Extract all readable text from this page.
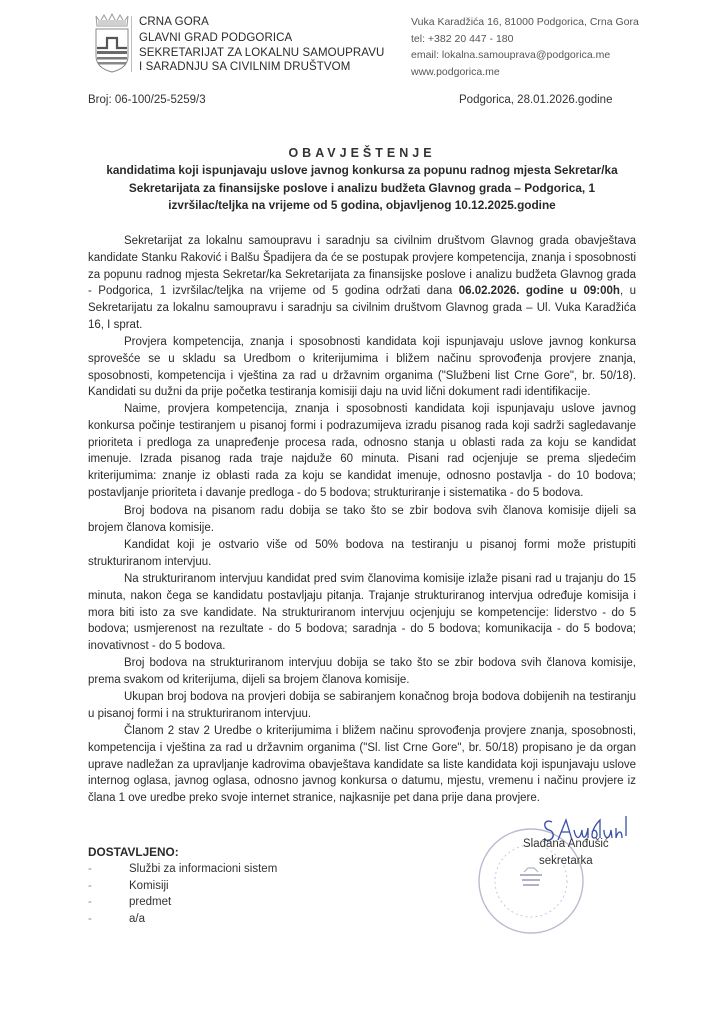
CRNA GORA
GLAVNI GRAD PODGORICA
SEKRETARIJAT ZA LOKALNU SAMOUPRAVU
I SARADNJU SA CIVILNIM DRUŠTVOM
Vuka Karadžića 16, 81000 Podgorica, Crna Gora
tel: +382 20 447 - 180
email: lokalna.samouprava@podgorica.me
www.podgorica.me
Broj: 06-100/25-5259/3	Podgorica, 28.01.2026.godine
OBAVJEŠTENJE
kandidatima koji ispunjavaju uslove javnog konkursa za popunu radnog mjesta Sekretar/ka Sekretarijata za finansijske poslove i analizu budžeta Glavnog grada – Podgorica, 1 izvršilac/teljka na vrijeme od 5 godina, objavljenog 10.12.2025.godine

Sekretarijat za lokalnu samoupravu i saradnju sa civilnim društvom Glavnog grada obavještava kandidate Stanku Raković i Balšu Špadijera da će se postupak provjere kompetencija, znanja i sposobnosti za popunu radnog mjesta Sekretar/ka Sekretarijata za finansijske poslove i analizu budžeta Glavnog grada - Podgorica, 1 izvršilac/teljka na vrijeme od 5 godina održati dana 06.02.2026. godine u 09:00h, u Sekretarijatu za lokalnu samoupravu i saradnju sa civilnim društvom Glavnog grada – Ul. Vuka Karadžića 16, I sprat.

Provjera kompetencija, znanja i sposobnosti kandidata koji ispunjavaju uslove javnog konkursa sprovešće se u skladu sa Uredbom o kriterijumima i bližem načinu sprovođenja provjere znanja, sposobnosti, kompetencija i vještina za rad u državnim organima ("Službeni list Crne Gore", br. 50/18). Kandidati su dužni da prije početka testiranja komisiji daju na uvid lični dokument radi identifikacije.

Naime, provjera kompetencija, znanja i sposobnosti kandidata koji ispunjavaju uslove javnog konkursa počinje testiranjem u pisanoj formi i podrazumijeva izradu pisanog rada koji sadrži sagledavanje prioriteta i predloga za unapređenje procesa rada, odnosno stanja u oblasti rada za koju se kandidat imenuje. Izrada pisanog rada traje najduže 60 minuta. Pisani rad ocjenjuje se prema sljedećim kriterijumima: znanje iz oblasti rada za koju se kandidat imenuje, odnosno postavlja - do 10 bodova; postavljanje prioriteta i davanje predloga - do 5 bodova; strukturiranje i sistematika - do 5 bodova.

Broj bodova na pisanom radu dobija se tako što se zbir bodova svih članova komisije dijeli sa brojem članova komisije.

Kandidat koji je ostvario više od 50% bodova na testiranju u pisanoj formi može pristupiti strukturiranom intervjuu.

Na strukturiranom intervjuu kandidat pred svim članovima komisije izlaže pisani rad u trajanju do 15 minuta, nakon čega se kandidatu postavljaju pitanja. Trajanje strukturiranog intervjua određuje komisija i mora biti isto za sve kandidate. Na strukturiranom intervjuu ocjenjuju se kompetencije: liderstvo - do 5 bodova; usmjerenost na rezultate - do 5 bodova; saradnja - do 5 bodova; komunikacija - do 5 bodova; inovativnost - do 5 bodova.

Broj bodova na strukturiranom intervjuu dobija se tako što se zbir bodova svih članova komisije, prema svakom od kriterijuma, dijeli sa brojem članova komisije.

Ukupan broj bodova na provjeri dobija se sabiranjem konačnog broja bodova dobijenih na testiranju u pisanoj formi i na strukturiranom intervjuu.

Članom 2 stav 2 Uredbe o kriterijumima i bližem načinu sprovođenja provjere znanja, sposobnosti, kompetencija i vještina za rad u državnim organima ("Sl. list Crne Gore", br. 50/18) propisano je da organ uprave nadležan za upravljanje kadrovima obavještava kandidate sa liste kandidata koji ispunjavaju uslove internog oglasa, javnog oglasa, odnosno javnog konkursa o datumu, mjestu, vremenu i načinu provjere iz člana 1 ove uredbe preko svoje internet stranice, najkasnije pet dana prije dana provjere.

DOSTAVLJENO:
-	Službi za informacioni sistem
-	Komisiji
-	predmet
-	a/a
Slađana Anđušić
sekretarka
